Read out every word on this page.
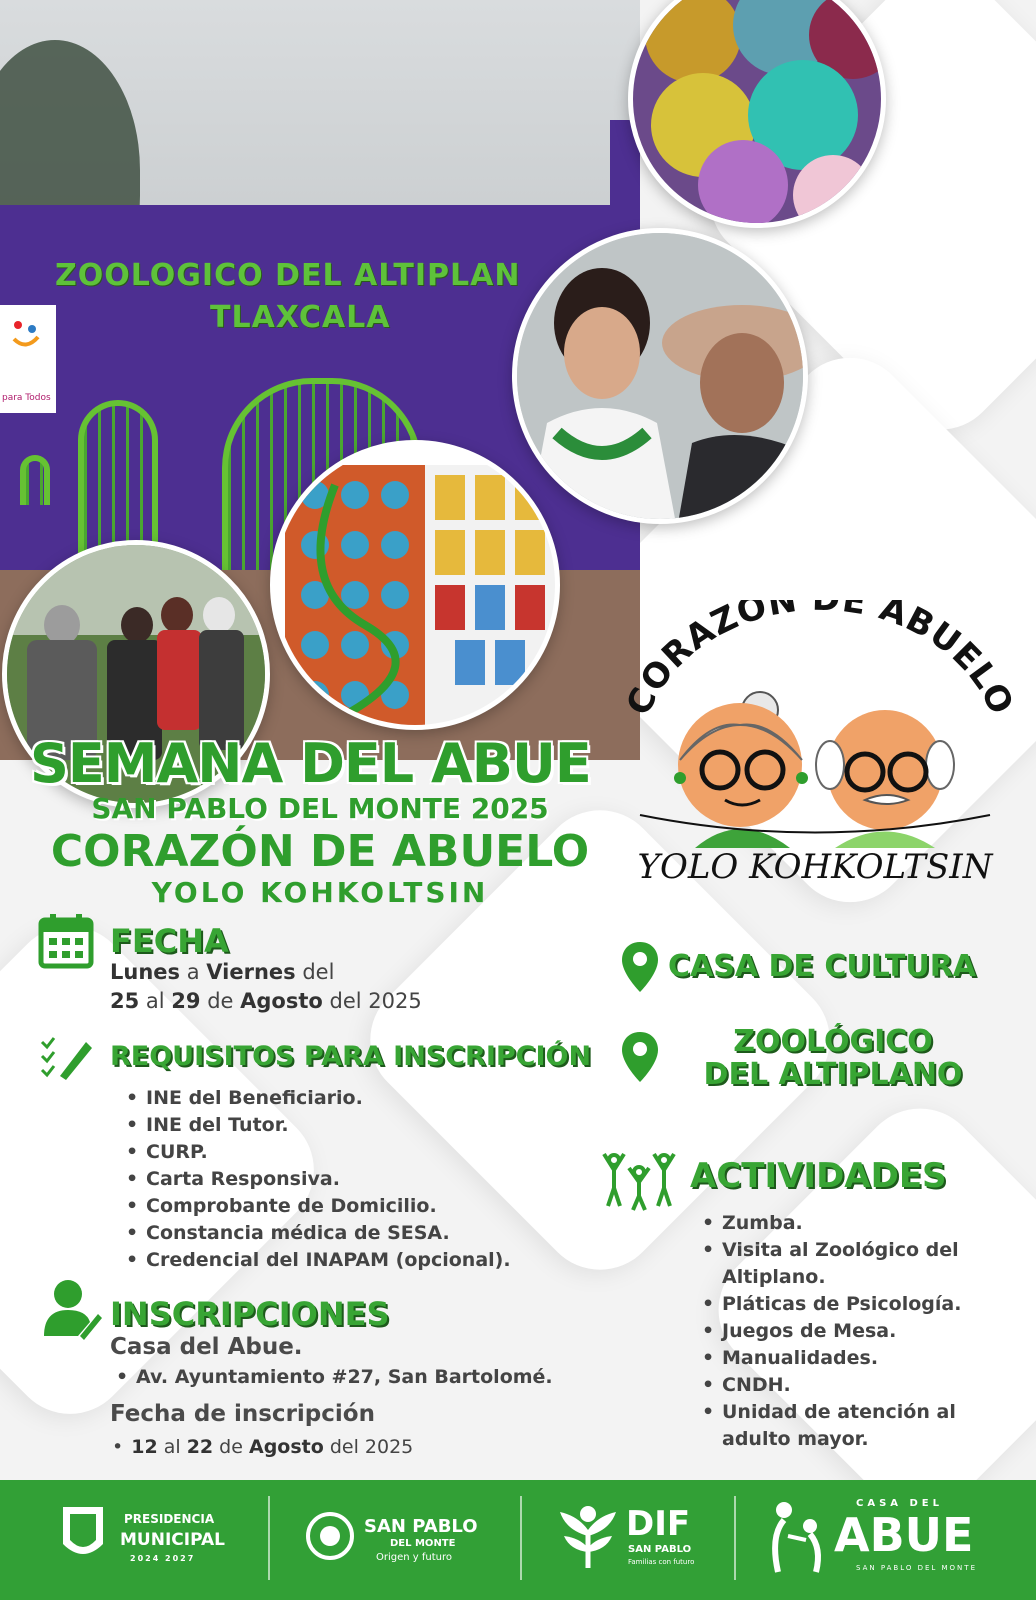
para Todos
ZOOLOGICO DEL ALTIPLAN
TLAXCALA
SEMANA DEL ABUE
SAN PABLO DEL MONTE 2025
CORAZÓN DE ABUELO
YOLO KOHKOLTSIN
CORAZÓN E ABUELO
YOLO KOHKOLTSIN
FECHA
Lunes a Viernes del
25 al 29 de Agosto del 2025
REQUISITOS PARA INSCRIPCIÓN
• INE del Beneficiario.
• INE del Tutor.
• CURP.
• Carta Responsiva.
• Comprobante de Domicilio.
• Constancia médica de SESA.
• Credencial del INAPAM (opcional).
INSCRIPCIONES
Casa del Abue.
• Av. Ayuntamiento #27, San Bartolomé.
Fecha de inscripción
• 12 al 22 de Agosto del 2025
CASA DE CULTURA
ZOOLÓGICO
DEL ALTIPLANO
ACTIVIDADES
• Zumba.
• Visita al Zoológico del Altiplano.
• Pláticas de Psicología.
• Juegos de Mesa.
• Manualidades.
• CNDH.
• Unidad de atención al adulto mayor.
PRESIDENCIA
MUNICIPAL
2024 2027
SAN PABLO
DEL MONTE
Origen y futuro
DIF
SAN PABLO
Familias con futuro
CASA DEL
ABUE
SAN PABLO DEL MONTE
